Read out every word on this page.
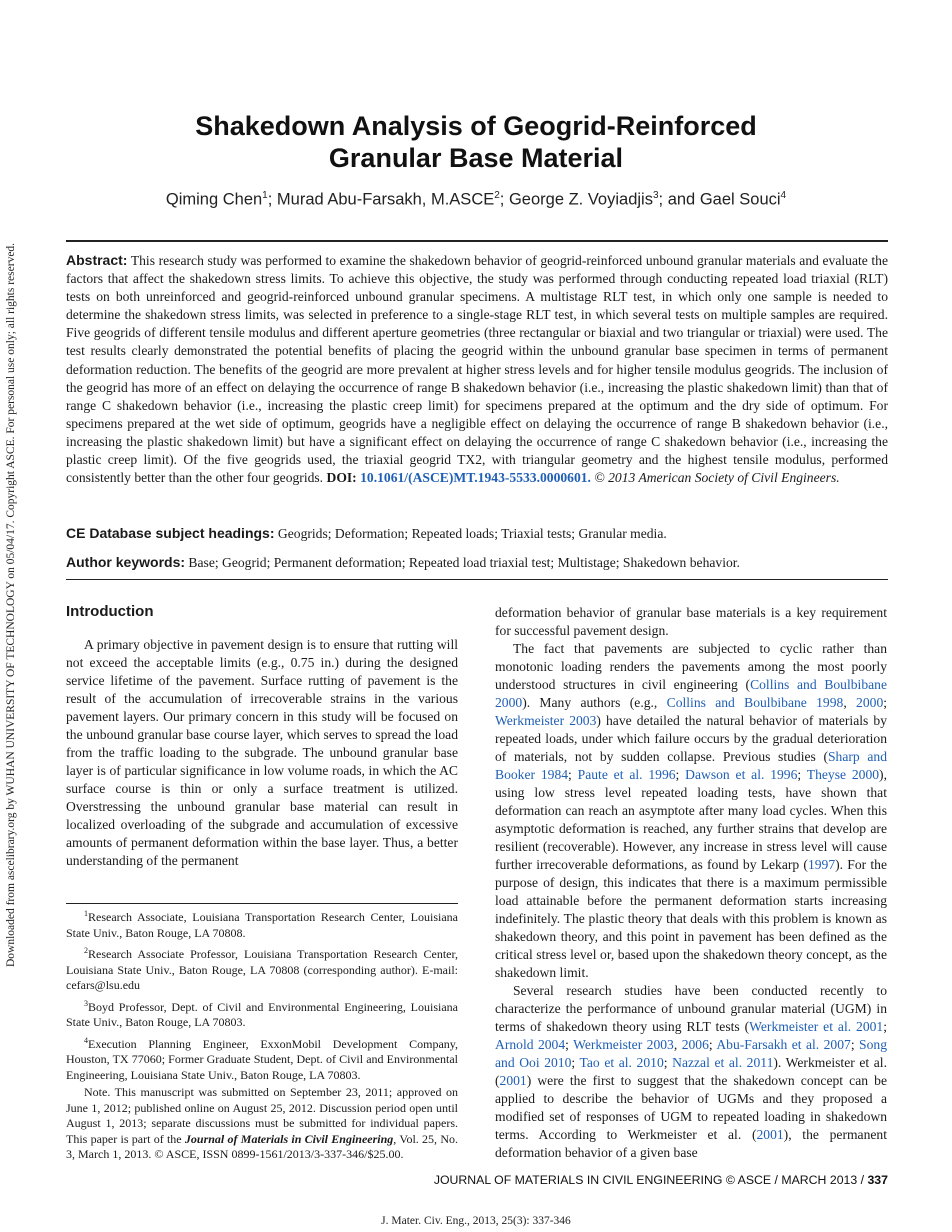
Downloaded from ascelibrary.org by WUHAN UNIVERSITY OF TECHNOLOGY on 05/04/17. Copyright ASCE. For personal use only; all rights reserved.
Shakedown Analysis of Geogrid-Reinforced
Granular Base Material
Qiming Chen$^1$; Murad Abu-Farsakh, M.ASCE$^2$; George Z. Voyiadjis$^3$; and Gael Souci$^4$
Abstract: This research study was performed to examine the shakedown behavior of geogrid-reinforced unbound granular materials and evaluate the factors that affect the shakedown stress limits. To achieve this objective, the study was performed through conducting repeated load triaxial (RLT) tests on both unreinforced and geogrid-reinforced unbound granular specimens. A multistage RLT test, in which only one sample is needed to determine the shakedown stress limits, was selected in preference to a single-stage RLT test, in which several tests on multiple samples are required. Five geogrids of different tensile modulus and different aperture geometries (three rectangular or biaxial and two triangular or triaxial) were used. The test results clearly demonstrated the potential benefits of placing the geogrid within the unbound granular base specimen in terms of permanent deformation reduction. The benefits of the geogrid are more prevalent at higher stress levels and for higher tensile modulus geogrids. The inclusion of the geogrid has more of an effect on delaying the occurrence of range B shakedown behavior (i.e., increasing the plastic shakedown limit) than that of range C shakedown behavior (i.e., increasing the plastic creep limit) for specimens prepared at the optimum and the dry side of optimum. For specimens prepared at the wet side of optimum, geogrids have a negligible effect on delaying the occurrence of range B shakedown behavior (i.e., increasing the plastic shakedown limit) but have a significant effect on delaying the occurrence of range C shakedown behavior (i.e., increasing the plastic creep limit). Of the five geogrids used, the triaxial geogrid TX2, with triangular geometry and the highest tensile modulus, performed consistently better than the other four geogrids. DOI: 10.1061/(ASCE)MT.1943-5533.0000601. © 2013 American Society of Civil Engineers.
CE Database subject headings: Geogrids; Deformation; Repeated loads; Triaxial tests; Granular media.
Author keywords: Base; Geogrid; Permanent deformation; Repeated load triaxial test; Multistage; Shakedown behavior.
Introduction

A primary objective in pavement design is to ensure that rutting will not exceed the acceptable limits (e.g., 0.75 in.) during the designed service lifetime of the pavement. Surface rutting of pavement is the result of the accumulation of irrecoverable strains in the various pavement layers. Our primary concern in this study will be focused on the unbound granular base course layer, which serves to spread the load from the traffic loading to the subgrade. The unbound granular base layer is of particular significance in low volume roads, in which the AC surface course is thin or only a surface treatment is utilized. Overstressing the unbound granular base material can result in localized overloading of the subgrade and accumulation of excessive amounts of permanent deformation within the base layer. Thus, a better understanding of the permanent

$^1$Research Associate, Louisiana Transportation Research Center, Louisiana State Univ., Baton Rouge, LA 70808.

$^2$Research Associate Professor, Louisiana Transportation Research Center, Louisiana State Univ., Baton Rouge, LA 70808 (corresponding author). E-mail: cefars@lsu.edu

$^3$Boyd Professor, Dept. of Civil and Environmental Engineering, Louisiana State Univ., Baton Rouge, LA 70803.

$^4$Execution Planning Engineer, ExxonMobil Development Company, Houston, TX 77060; Former Graduate Student, Dept. of Civil and Environmental Engineering, Louisiana State Univ., Baton Rouge, LA 70803.

Note. This manuscript was submitted on September 23, 2011; approved on June 1, 2012; published online on August 25, 2012. Discussion period open until August 1, 2013; separate discussions must be submitted for individual papers. This paper is part of the Journal of Materials in Civil Engineering, Vol. 25, No. 3, March 1, 2013. © ASCE, ISSN 0899-1561/2013/3-337-346/$25.00.

deformation behavior of granular base materials is a key requirement for successful pavement design.

The fact that pavements are subjected to cyclic rather than monotonic loading renders the pavements among the most poorly understood structures in civil engineering (Collins and Boulbibane 2000). Many authors (e.g., Collins and Boulbibane 1998, 2000; Werkmeister 2003) have detailed the natural behavior of materials by repeated loads, under which failure occurs by the gradual deterioration of materials, not by sudden collapse. Previous studies (Sharp and Booker 1984; Paute et al. 1996; Dawson et al. 1996; Theyse 2000), using low stress level repeated loading tests, have shown that deformation can reach an asymptote after many load cycles. When this asymptotic deformation is reached, any further strains that develop are resilient (recoverable). However, any increase in stress level will cause further irrecoverable deformations, as found by Lekarp (1997). For the purpose of design, this indicates that there is a maximum permissible load attainable before the permanent deformation starts increasing indefinitely. The plastic theory that deals with this problem is known as shakedown theory, and this point in pavement has been defined as the critical stress level or, based upon the shakedown theory concept, as the shakedown limit.

Several research studies have been conducted recently to characterize the performance of unbound granular material (UGM) in terms of shakedown theory using RLT tests (Werkmeister et al. 2001; Arnold 2004; Werkmeister 2003, 2006; Abu-Farsakh et al. 2007; Song and Ooi 2010; Tao et al. 2010; Nazzal et al. 2011). Werkmeister et al. (2001) were the first to suggest that the shakedown concept can be applied to describe the behavior of UGMs and they proposed a modified set of responses of UGM to repeated loading in shakedown terms. According to Werkmeister et al. (2001), the permanent deformation behavior of a given base

JOURNAL OF MATERIALS IN CIVIL ENGINEERING © ASCE / MARCH 2013 / 337
J. Mater. Civ. Eng., 2013, 25(3): 337-346
